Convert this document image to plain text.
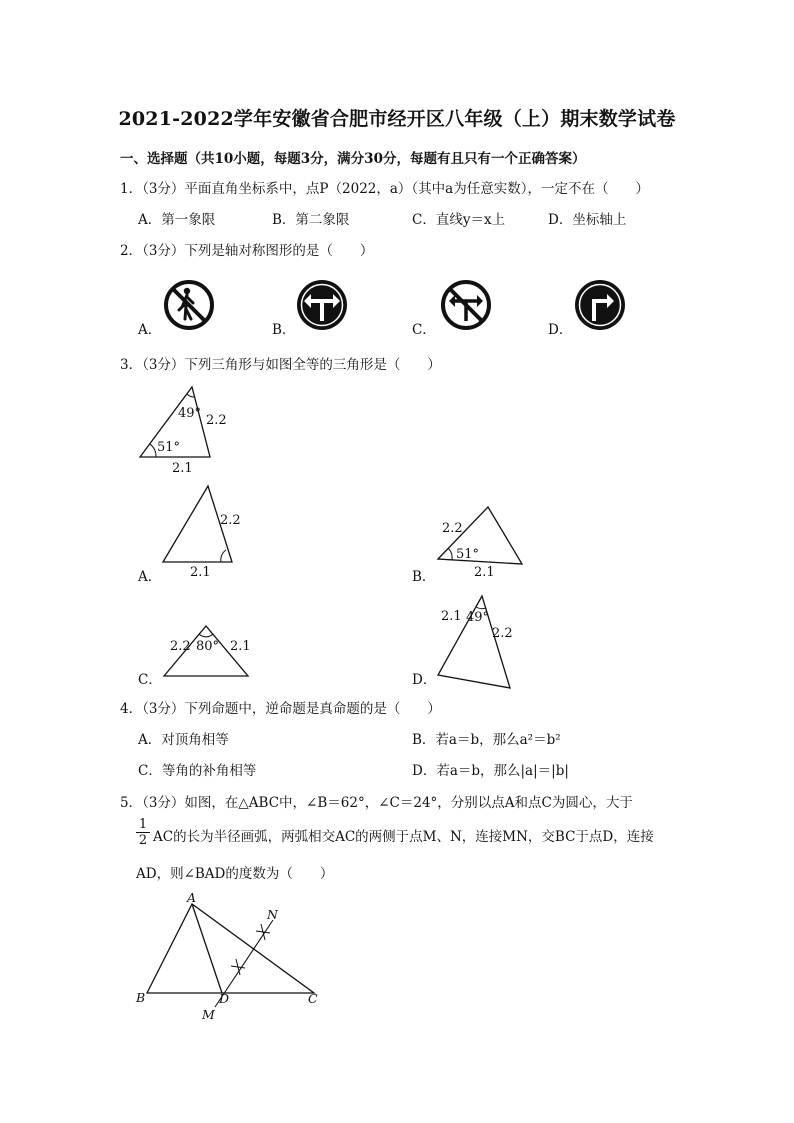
2021-2022学年安徽省合肥市经开区八年级（上）期末数学试卷
一、选择题（共10小题，每题3分，满分30分，每题有且只有一个正确答案）
1．（3分）平面直角坐标系中，点P（2022，a）（其中a为任意实数），一定不在（　　）
A．第一象限	B．第二象限	C．直线y＝x上	D．坐标轴上
2．（3分）下列是轴对称图形的是（　　）
A．	B．	C．	D．
3．（3分）下列三角形与如图全等的三角形是（　　）
49°
51°
2.2
2.1
A．
2.2
2.1	B．
2.2
51°
2.1
C．
2.2 80° 2.1
D．
2.1 49°
2.2
4．（3分）下列命题中，逆命题是真命题的是（　　）
A．对顶角相等	B．若a＝b，那么a²＝b²
C．等角的补角相等	D．若a＝b，那么|a|＝|b|
5．（3分）如图，在△ABC中，∠B＝62°，∠C＝24°，分别以点A和点C为圆心，大于
$\frac{1}{2}$ AC的长为半径画弧，两弧相交AC的两侧于点M、N，连接MN，交BC于点D，连接
AD，则∠BAD的度数为（　　）
A
B	C
D
M
N
